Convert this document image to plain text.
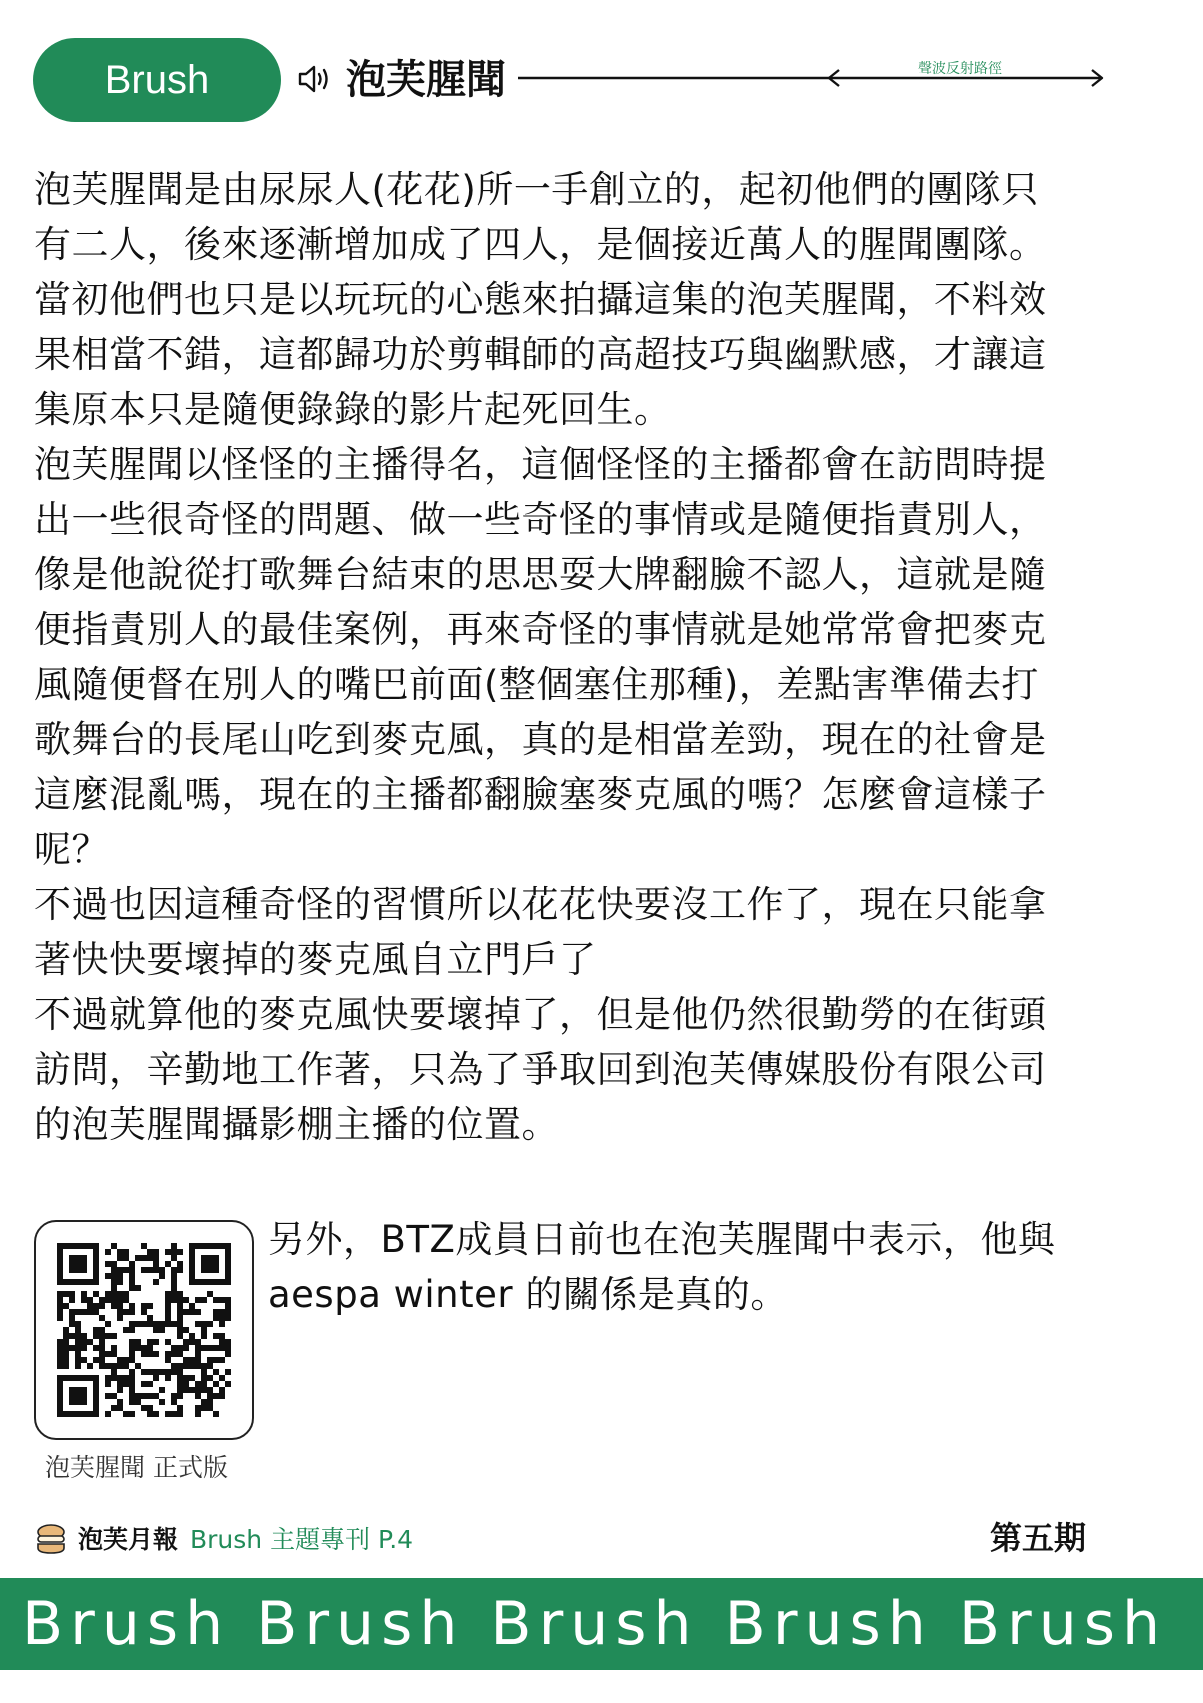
Brush	泡芙腥聞	聲波反射路徑

泡芙腥聞是由尿尿人(花花)所一手創立的，起初他們的團隊只有二人，後來逐漸增加成了四人，是個接近萬人的腥聞團隊。

當初他們也只是以玩玩的心態來拍攝這集的泡芙腥聞，不料效果相當不錯，這都歸功於剪輯師的高超技巧與幽默感，才讓這集原本只是隨便錄錄的影片起死回生。

泡芙腥聞以怪怪的主播得名，這個怪怪的主播都會在訪問時提出一些很奇怪的問題、做一些奇怪的事情或是隨便指責別人，像是他說從打歌舞台結束的思思耍大牌翻臉不認人，這就是隨便指責別人的最佳案例，再來奇怪的事情就是她常常會把麥克風隨便督在別人的嘴巴前面(整個塞住那種)，差點害準備去打歌舞台的長尾山吃到麥克風，真的是相當差勁，現在的社會是這麼混亂嗎，現在的主播都翻臉塞麥克風的嗎？怎麼會這樣子呢？

不過也因這種奇怪的習慣所以花花快要沒工作了，現在只能拿著快快要壞掉的麥克風自立門戶了

不過就算他的麥克風快要壞掉了，但是他仍然很勤勞的在街頭訪問，辛勤地工作著，只為了爭取回到泡芙傳媒股份有限公司的泡芙腥聞攝影棚主播的位置。

另外，BTZ成員日前也在泡芙腥聞中表示，他與 aespa winter 的關係是真的。
泡芙腥聞 正式版
泡芙月報 Brush 主題專刊 P.4	第五期
Brush Brush Brush Brush Brush
